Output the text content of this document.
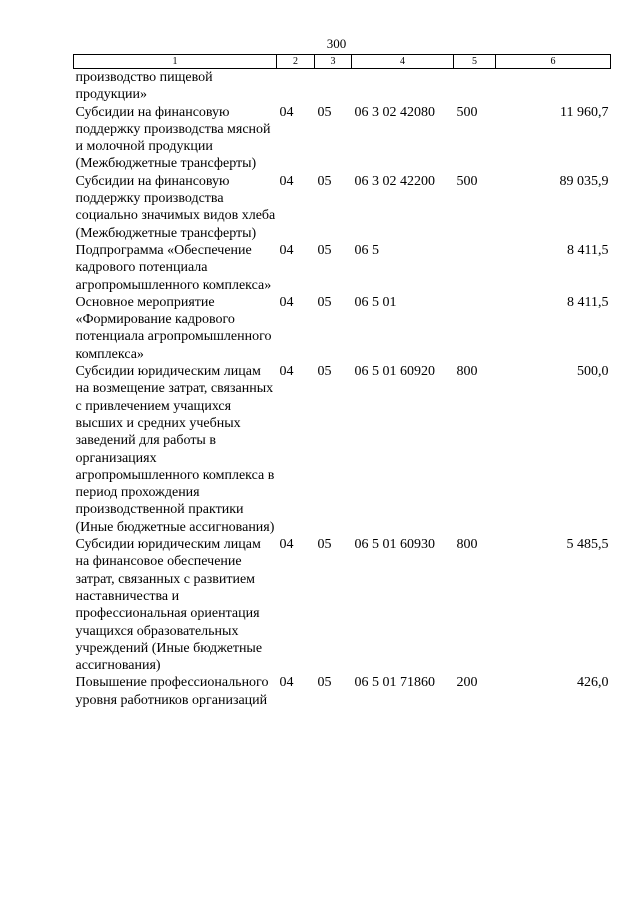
300
1	2	3	4	5	6
производство пищевой продукции»					
Субсидии на финансовую поддержку производства мясной и молочной продукции (Межбюджетные трансферты)	04	05	06 3 02 42080	500	11 960,7
Субсидии на финансовую поддержку производства социально значимых видов хлеба (Межбюджетные трансферты)	04	05	06 3 02 42200	500	89 035,9
Подпрограмма «Обеспечение кадрового потенциала агропромышленного комплекса»	04	05	06 5		8 411,5
Основное мероприятие «Формирование кадрового потенциала агропромышленного комплекса»	04	05	06 5 01		8 411,5
Субсидии юридическим лицам на возмещение затрат, связанных с привлечением учащихся высших и средних учебных заведений для работы в организациях агропромышленного комплекса в период прохождения производственной практики (Иные бюджетные ассигнования)	04	05	06 5 01 60920	800	500,0
Субсидии юридическим лицам на финансовое обеспечение затрат, связанных с развитием наставничества и профессиональная ориентация учащихся образовательных учреждений (Иные бюджетные ассигнования)	04	05	06 5 01 60930	800	5 485,5
Повышение профессионального уровня работников организаций	04	05	06 5 01 71860	200	426,0
